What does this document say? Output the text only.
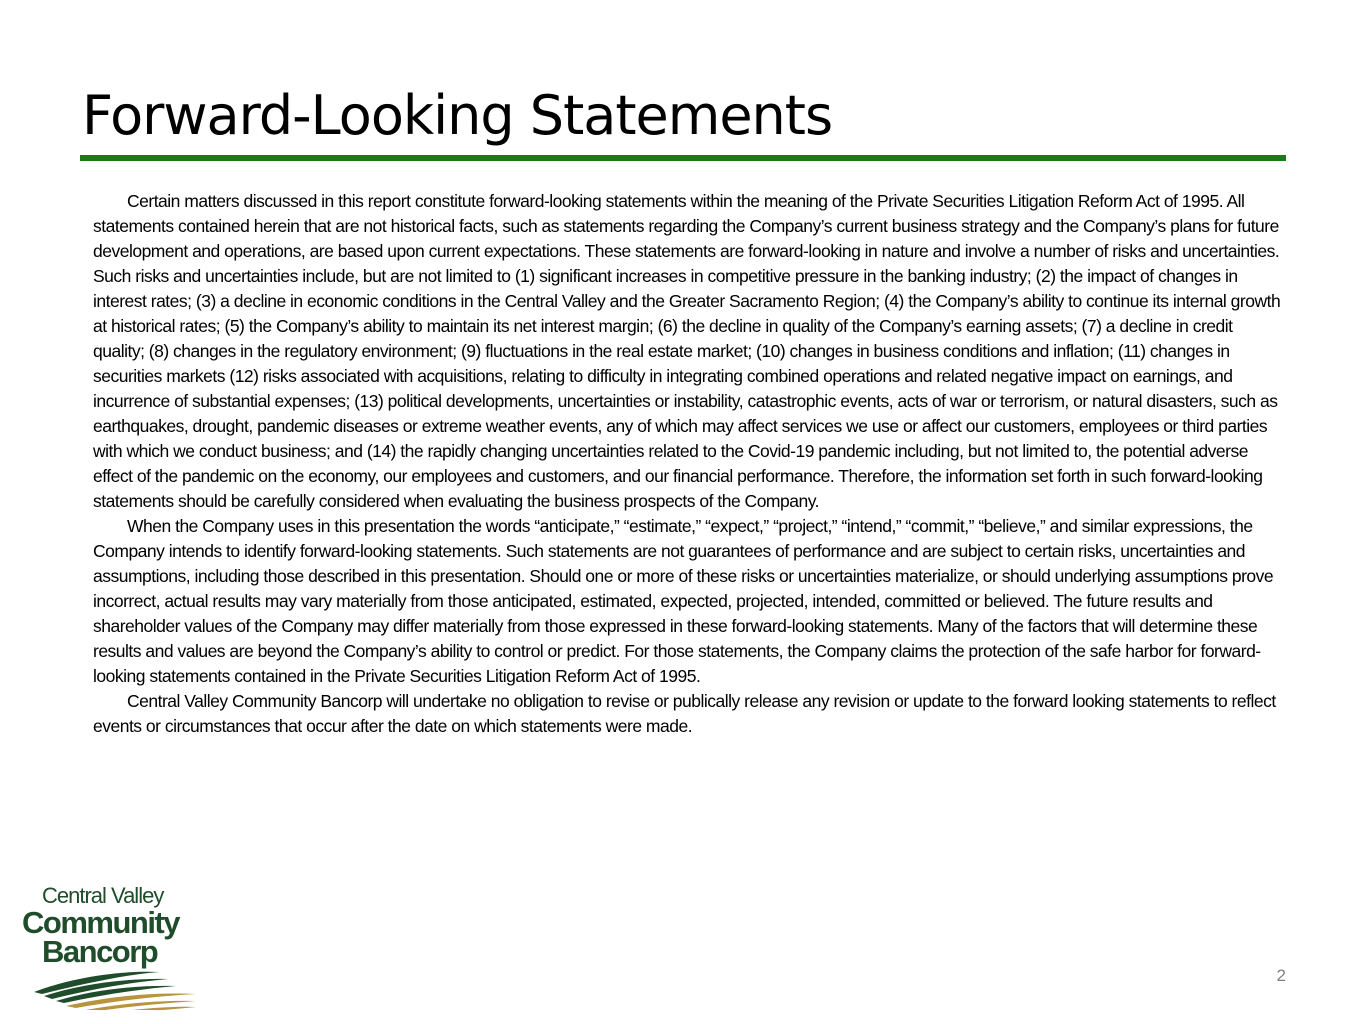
Forward-Looking Statements

Certain matters discussed in this report constitute forward-looking statements within the meaning of the Private Securities Litigation Reform Act of 1995. All statements contained herein that are not historical facts, such as statements regarding the Company’s current business strategy and the Company’s plans for future development and operations, are based upon current expectations. These statements are forward-looking in nature and involve a number of risks and uncertainties. Such risks and uncertainties include, but are not limited to (1) significant increases in competitive pressure in the banking industry; (2) the impact of changes in interest rates; (3) a decline in economic conditions in the Central Valley and the Greater Sacramento Region; (4) the Company’s ability to continue its internal growth at historical rates; (5) the Company’s ability to maintain its net interest margin; (6) the decline in quality of the Company’s earning assets; (7) a decline in credit quality; (8) changes in the regulatory environment; (9) fluctuations in the real estate market; (10) changes in business conditions and inflation; (11) changes in securities markets (12) risks associated with acquisitions, relating to difficulty in integrating combined operations and related negative impact on earnings, and incurrence of substantial expenses; (13) political developments, uncertainties or instability, catastrophic events, acts of war or terrorism, or natural disasters, such as earthquakes, drought, pandemic diseases or extreme weather events, any of which may affect services we use or affect our customers, employees or third parties with which we conduct business; and (14) the rapidly changing uncertainties related to the Covid-19 pandemic including, but not limited to, the potential adverse effect of the pandemic on the economy, our employees and customers, and our financial performance. Therefore, the information set forth in such forward-looking statements should be carefully considered when evaluating the business prospects of the Company.

When the Company uses in this presentation the words “anticipate,” “estimate,” “expect,” “project,” “intend,” “commit,” “believe,” and similar expressions, the Company intends to identify forward-looking statements. Such statements are not guarantees of performance and are subject to certain risks, uncertainties and assumptions, including those described in this presentation. Should one or more of these risks or uncertainties materialize, or should underlying assumptions prove incorrect, actual results may vary materially from those anticipated, estimated, expected, projected, intended, committed or believed. The future results and shareholder values of the Company may differ materially from those expressed in these forward-looking statements. Many of the factors that will determine these results and values are beyond the Company’s ability to control or predict. For those statements, the Company claims the protection of the safe harbor for forward-looking statements contained in the Private Securities Litigation Reform Act of 1995.

Central Valley Community Bancorp will undertake no obligation to revise or publically release any revision or update to the forward looking statements to reflect events or circumstances that occur after the date on which statements were made.

Central Valley
Community
Bancorp
2
